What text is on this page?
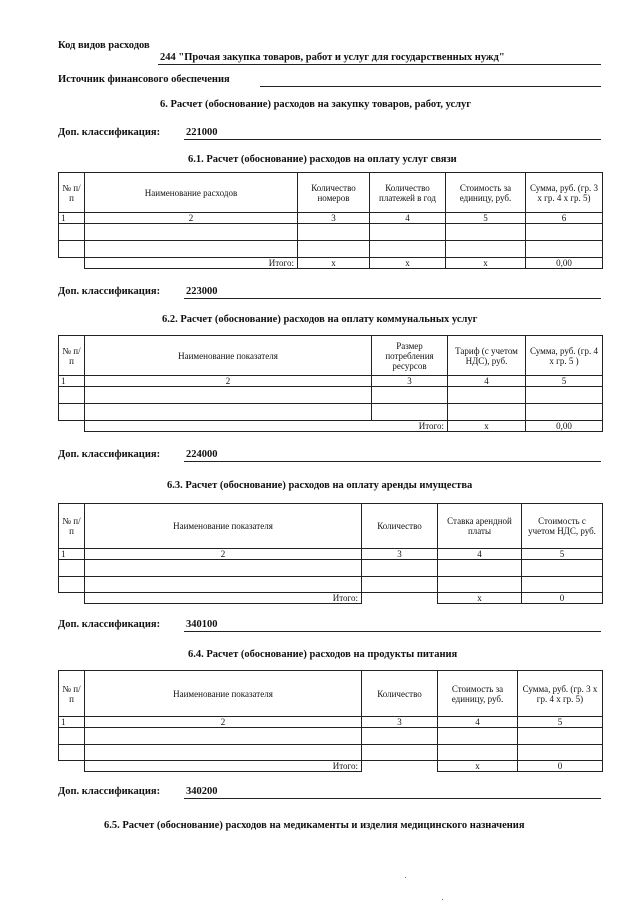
Код видов расходов
244 "Прочая закупка товаров, работ и услуг для государственных нужд"
Источник финансового обеспечения
6. Расчет (обоснование) расходов на закупку товаров, работ, услуг
Доп. классификация: 221000
6.1. Расчет (обоснование) расходов на оплату услуг связи
№ п/п	Наименование расходов	Количество номеров	Количество платежей в год	Стоимость за единицу, руб.	Сумма, руб. (гр. 3 х гр. 4 х гр. 5)
1	2	3	4	5	6

	Итого:	х	х	х	0,00
Доп. классификация: 223000
6.2. Расчет (обоснование) расходов на оплату коммунальных услуг
№ п/п	Наименование показателя	Размер потребления ресурсов	Тариф (с учетом НДС), руб.	Сумма, руб. (гр. 4 х гр. 5 )
1	2	3	4	5

	Итого:		х	0,00
Доп. классификация: 224000
6.3. Расчет (обоснование) расходов на оплату аренды имущества
№ п/п	Наименование показателя	Количество	Ставка арендной платы	Стоимость с учетом НДС, руб.
1	2	3	4	5

	Итого:		х	0
Доп. классификация: 340100
6.4. Расчет (обоснование) расходов на продукты питания
№ п/п	Наименование показателя	Количество	Стоимость за единицу, руб.	Сумма, руб. (гр. 3 х гр. 4 х гр. 5)
1	2	3	4	5

	Итого:		х	0
Доп. классификация: 340200
6.5. Расчет (обоснование) расходов на медикаменты и изделия медицинского назначения
